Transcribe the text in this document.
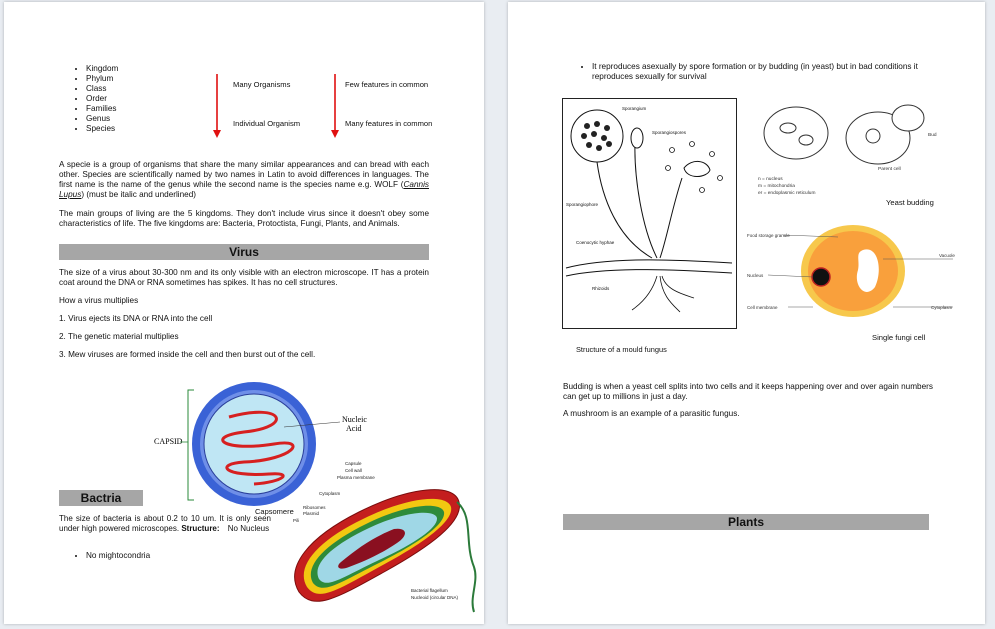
• Kingdom
• Phylum
• Class
• Order
• Families
• Genus
• Species
Many Organisms
Individual Organism
Few features in common
Many features in common
A specie is a group of organisms that share the many similar appearances and can bread with each other. Species are scientifically named by two names in Latin to avoid differences in languages. The first name is the name of the genus while the second name is the species name e.g. WOLF (Cannis Lupus) (must be italic and underlined)
The main groups of living are the 5 kingdoms. They don't include virus since it doesn't obey some characteristics of life. The five kingdoms are: Bacteria, Protoctista, Fungi, Plants, and Animals.
Virus
The size of a virus about 30-300 nm and its only visible with an electron microscope. IT has a protein coat around the DNA or RNA sometimes has spikes. It has no cell structures.
How a virus multiplies
1. Virus ejects its DNA or RNA into the cell
2. The genetic material multiplies
3. Mew viruses are formed inside the cell and then burst out of the cell.
Nucleic
Acid
CAPSID
Bactria
The size of bacteria is about 0.2 to 10 um. It is only seen under high powered microscopes. Structure: No Nucleus
• No mightocondria
Capsomere
Capsule
Cell wall
Plasma membrane
Cytoplasm
Ribosomes
Plasmid
Pili
Bacterial flagellum
Nucleoid (circular DNA)
• It reproduces asexually by spore formation or by budding (in yeast) but in bad conditions it reproduces sexually for survival
Sporangium
Sporangiospores
Sporangiophore
Coenocytic hyphae
Rhizoids
Structure of a mould fungus
Bud
Parent cell
n = nucleus
m = mitochondria
er = endoplasmic reticulum
Yeast budding
Food storage granule
Vacuole
Nucleus
Cell membrane	Cytoplasm
Single fungi cell
Budding is when a yeast cell splits into two cells and it keeps happening over and over again numbers can get up to millions in just a day.
A mushroom is an example of a parasitic fungus.
Plants
